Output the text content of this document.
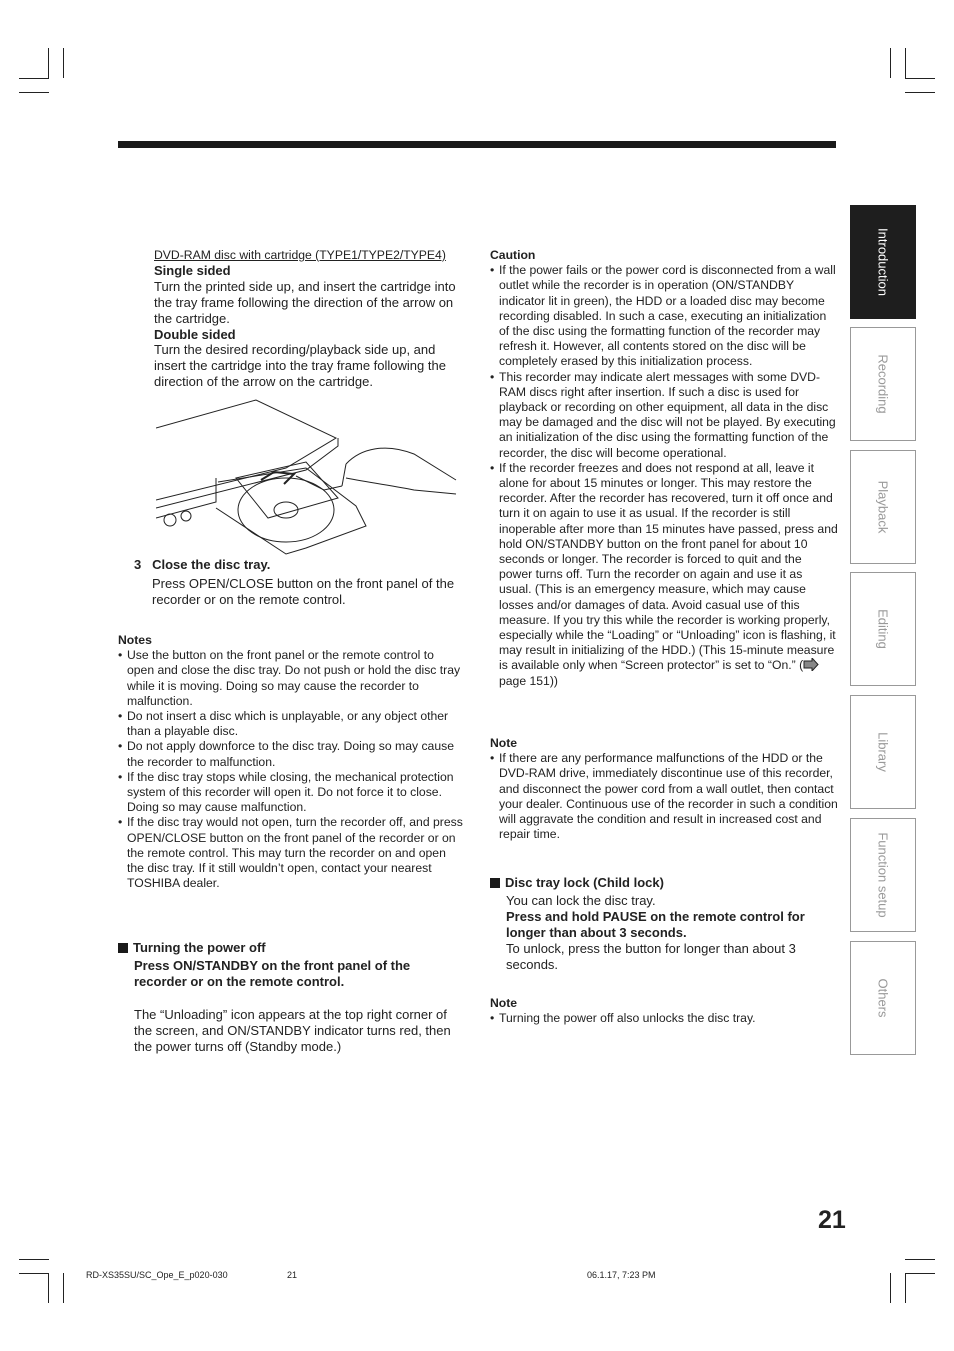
Introduction
Recording
Playback
Editing
Library
Function setup
Others

DVD-RAM disc with cartridge (TYPE1/TYPE2/TYPE4)

Single sided

Turn the printed side up, and insert the cartridge into the tray frame following the direction of the arrow on the cartridge.

Double sided

Turn the desired recording/playback side up, and insert the cartridge into the tray frame following the direction of the arrow on the cartridge.

3 Close the disc tray.

Press OPEN/CLOSE button on the front panel of the recorder or on the remote control.

Notes

• Use the button on the front panel or the remote control to open and close the disc tray. Do not push or hold the disc tray while it is moving. Doing so may cause the recorder to malfunction.

• Do not insert a disc which is unplayable, or any object other than a playable disc.

• Do not apply downforce to the disc tray. Doing so may cause the recorder to malfunction.

• If the disc tray stops while closing, the mechanical protection system of this recorder will open it. Do not force it to close. Doing so may cause malfunction.

• If the disc tray would not open, turn the recorder off, and press OPEN/CLOSE button on the front panel of the recorder or on the remote control. This may turn the recorder on and open the disc tray. If it still wouldn’t open, contact your nearest TOSHIBA dealer.

Turning the power off

Press ON/STANDBY on the front panel of the recorder or on the remote control.

The “Unloading” icon appears at the top right corner of the screen, and ON/STANDBY indicator turns red, then the power turns off (Standby mode.)

Caution

• If the power fails or the power cord is disconnected from a wall outlet while the recorder is in operation (ON/STANDBY indicator lit in green), the HDD or a loaded disc may become recording disabled. In such a case, executing an initialization of the disc using the formatting function of the recorder may refresh it. However, all contents stored on the disc will be completely erased by this initialization process.

• This recorder may indicate alert messages with some DVD-RAM discs right after insertion. If such a disc is used for playback or recording on other equipment, all data in the disc may be damaged and the disc will not be played. By executing an initialization of the disc using the formatting function of the recorder, the disc will become operational.

• If the recorder freezes and does not respond at all, leave it alone for about 15 minutes or longer. This may restore the recorder. After the recorder has recovered, turn it off once and turn it on again to use it as usual. If the recorder is still inoperable after more than 15 minutes have passed, press and hold ON/STANDBY button on the front panel for about 10 seconds or longer. The recorder is forced to quit and the power turns off. Turn the recorder on again and use it as usual. (This is an emergency measure, which may cause losses and/or damages of data. Avoid casual use of this measure. If you try this while the recorder is working properly, especially while the “Loading” or “Unloading” icon is flashing, it may result in initializing of the HDD.) (This 15-minute measure is available only when “Screen protector” is set to “On.” ( page 151))

Note

• If there are any performance malfunctions of the HDD or the DVD-RAM drive, immediately discontinue use of this recorder, and disconnect the power cord from a wall outlet, then contact your dealer. Continuous use of the recorder in such a condition will aggravate the condition and result in increased cost and repair time.

Disc tray lock (Child lock)

You can lock the disc tray.

Press and hold PAUSE on the remote control for longer than about 3 seconds.

To unlock, press the button for longer than about 3 seconds.

Note

• Turning the power off also unlocks the disc tray.

21
RD-XS35SU/SC_Ope_E_p020-030	21	06.1.17, 7:23 PM
